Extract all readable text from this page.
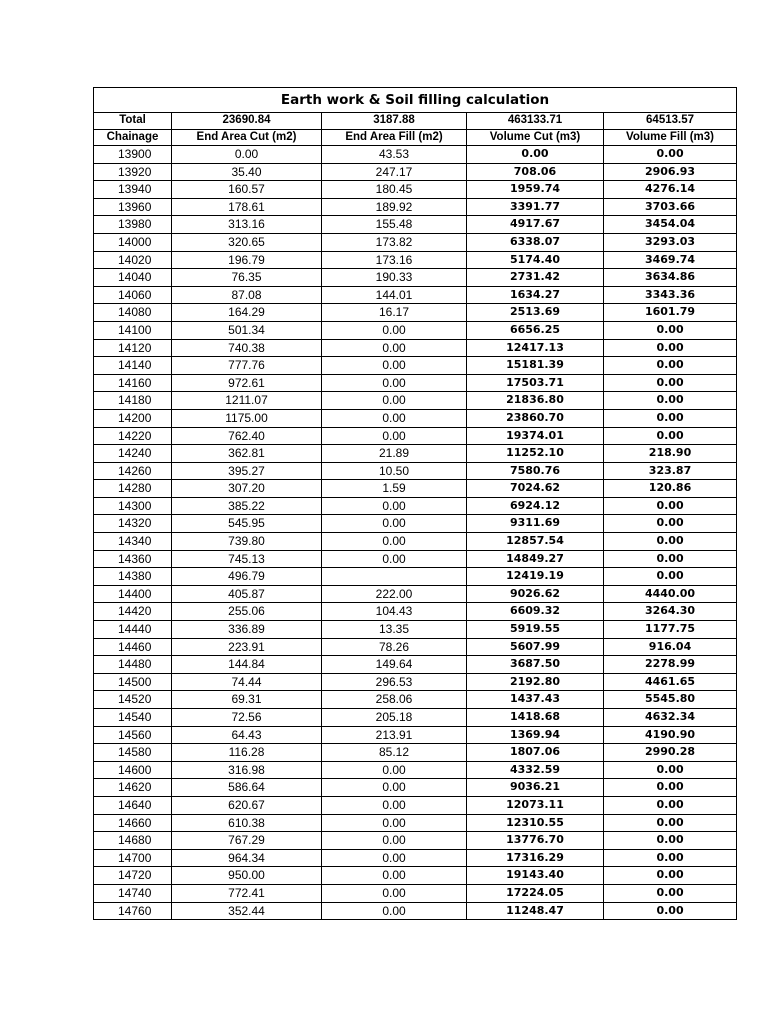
Earth work & Soil filling calculation				
Total	23690.84	3187.88	463133.71	64513.57
Chainage	End Area Cut (m2)	End Area Fill (m2)	Volume Cut (m3)	Volume Fill (m3)
13900	0.00	43.53	0.00	0.00
13920	35.40	247.17	708.06	2906.93
13940	160.57	180.45	1959.74	4276.14
13960	178.61	189.92	3391.77	3703.66
13980	313.16	155.48	4917.67	3454.04
14000	320.65	173.82	6338.07	3293.03
14020	196.79	173.16	5174.40	3469.74
14040	76.35	190.33	2731.42	3634.86
14060	87.08	144.01	1634.27	3343.36
14080	164.29	16.17	2513.69	1601.79
14100	501.34	0.00	6656.25	0.00
14120	740.38	0.00	12417.13	0.00
14140	777.76	0.00	15181.39	0.00
14160	972.61	0.00	17503.71	0.00
14180	1211.07	0.00	21836.80	0.00
14200	1175.00	0.00	23860.70	0.00
14220	762.40	0.00	19374.01	0.00
14240	362.81	21.89	11252.10	218.90
14260	395.27	10.50	7580.76	323.87
14280	307.20	1.59	7024.62	120.86
14300	385.22	0.00	6924.12	0.00
14320	545.95	0.00	9311.69	0.00
14340	739.80	0.00	12857.54	0.00
14360	745.13	0.00	14849.27	0.00
14380	496.79		12419.19	0.00
14400	405.87	222.00	9026.62	4440.00
14420	255.06	104.43	6609.32	3264.30
14440	336.89	13.35	5919.55	1177.75
14460	223.91	78.26	5607.99	916.04
14480	144.84	149.64	3687.50	2278.99
14500	74.44	296.53	2192.80	4461.65
14520	69.31	258.06	1437.43	5545.80
14540	72.56	205.18	1418.68	4632.34
14560	64.43	213.91	1369.94	4190.90
14580	116.28	85.12	1807.06	2990.28
14600	316.98	0.00	4332.59	0.00
14620	586.64	0.00	9036.21	0.00
14640	620.67	0.00	12073.11	0.00
14660	610.38	0.00	12310.55	0.00
14680	767.29	0.00	13776.70	0.00
14700	964.34	0.00	17316.29	0.00
14720	950.00	0.00	19143.40	0.00
14740	772.41	0.00	17224.05	0.00
14760	352.44	0.00	11248.47	0.00
